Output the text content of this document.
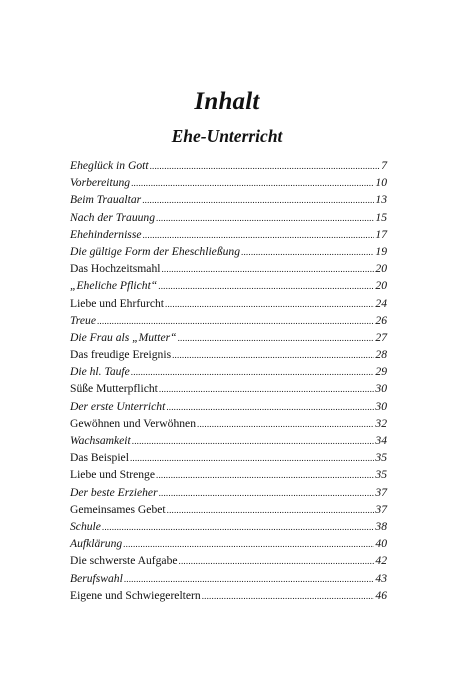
Inhalt
Ehe-Unterricht
Eheglück in Gott .....	7
Vorbereitung .....	10
Beim Traualtar .....	13
Nach der Trauung .....	15
Ehehindernisse .....	17
Die gültige Form der Eheschließung .....	19
Das Hochzeitsmahl .....	20
„Eheliche Pflicht“ .....	20
Liebe und Ehrfurcht .....	24
Treue .....	26
Die Frau als „Mutter“ .....	27
Das freudige Ereignis .....	28
Die hl. Taufe .....	29
Süße Mutterpflicht .....	30
Der erste Unterricht .....	30
Gewöhnen und Verwöhnen .....	32
Wachsamkeit .....	34
Das Beispiel .....	35
Liebe und Strenge .....	35
Der beste Erzieher .....	37
Gemeinsames Gebet .....	37
Schule .....	38
Aufklärung .....	40
Die schwerste Aufgabe .....	42
Berufswahl .....	43
Eigene und Schwiegereltern .....	46
